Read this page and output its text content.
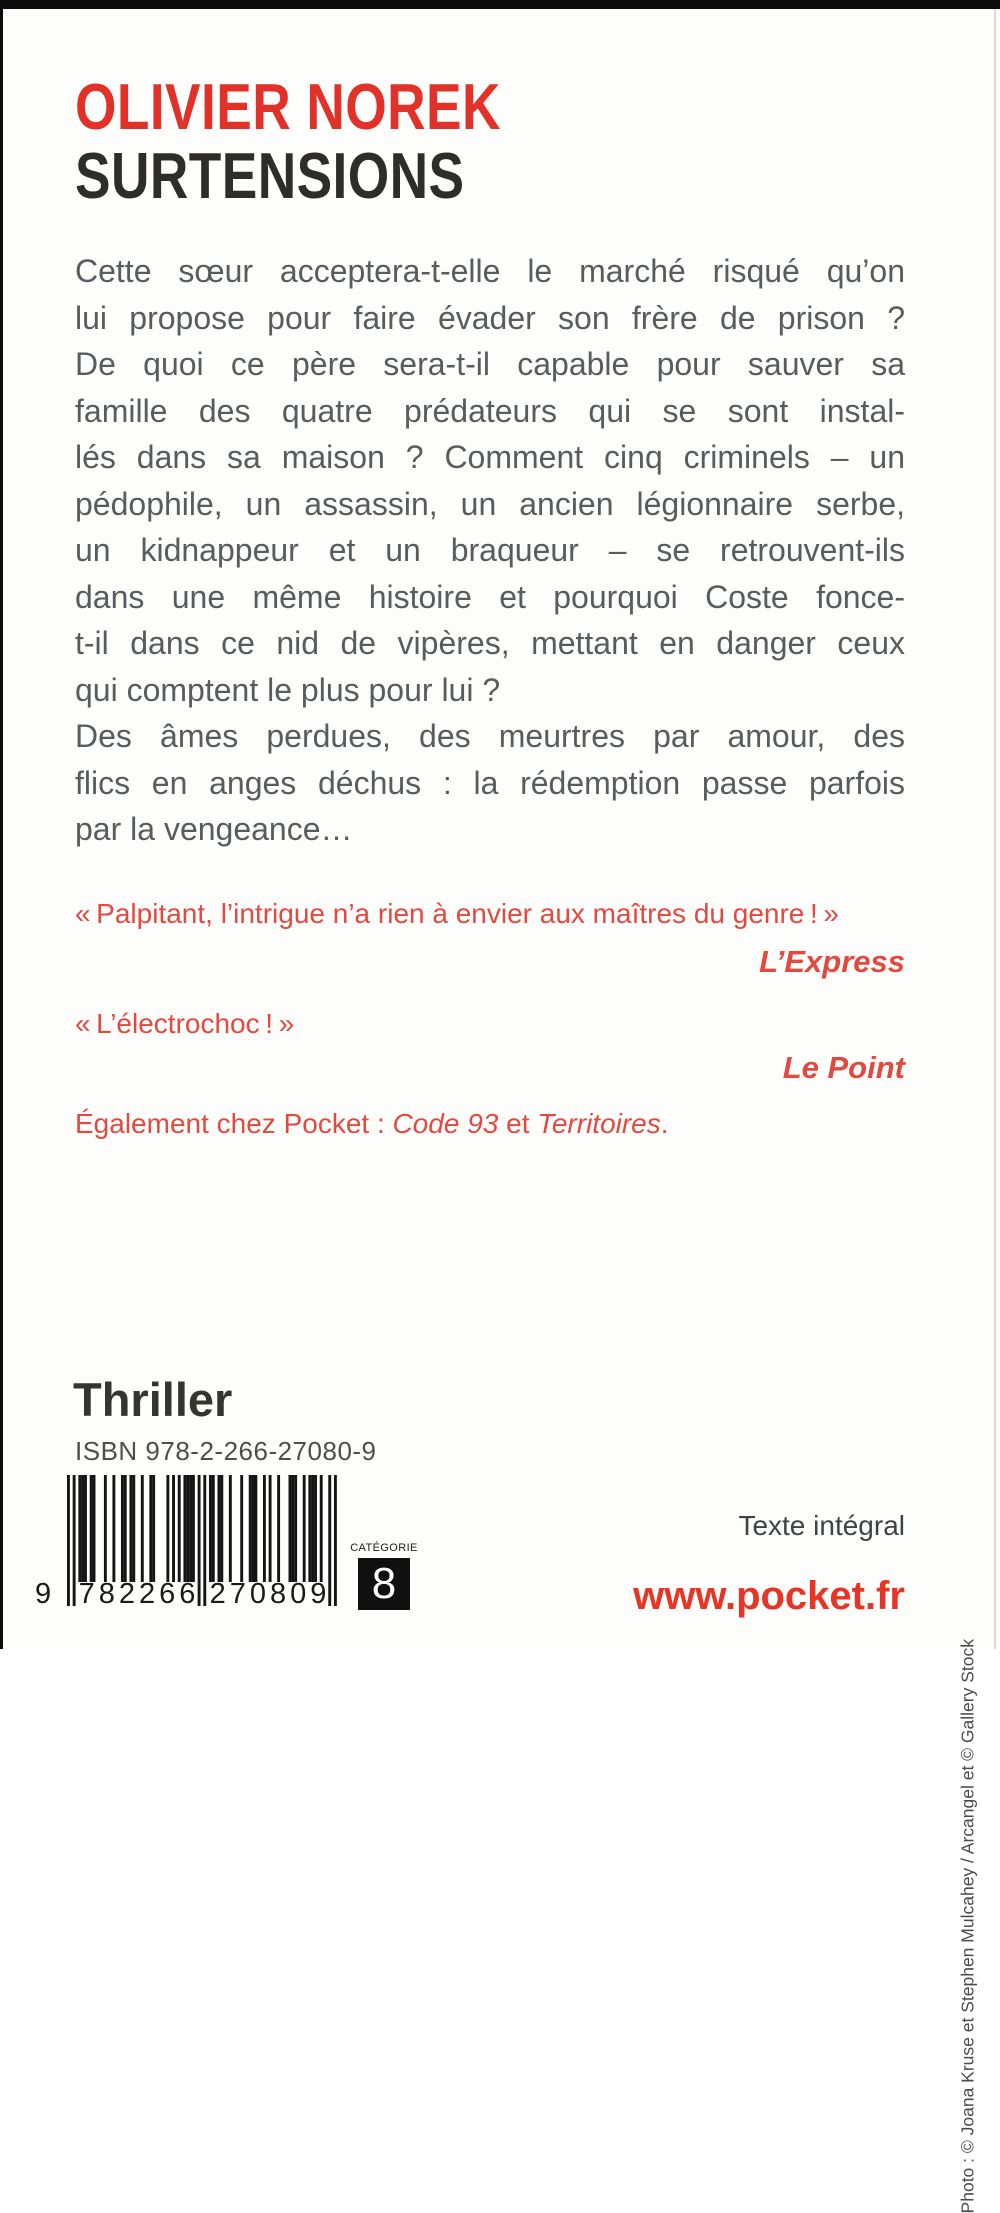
OLIVIER NOREK
SURTENSIONS
Cette sœur acceptera-t-elle le marché risqué qu’on
lui propose pour faire évader son frère de prison ?
De quoi ce père sera-t-il capable pour sauver sa
famille des quatre prédateurs qui se sont instal-
lés dans sa maison ? Comment cinq criminels – un
pédophile, un assassin, un ancien légionnaire serbe,
un kidnappeur et un braqueur – se retrouvent-ils
dans une même histoire et pourquoi Coste fonce-
t-il dans ce nid de vipères, mettant en danger ceux
qui comptent le plus pour lui ?
Des âmes perdues, des meurtres par amour, des
flics en anges déchus : la rédemption passe parfois
par la vengeance…
« Palpitant, l’intrigue n’a rien à envier aux maîtres du genre ! »
L’Express
« L’électrochoc ! »
Le Point
Également chez Pocket : Code 93 et Territoires.
Thriller
ISBN 978-2-266-27080-9
9 782266 270809
CATÉGORIE
8
Texte intégral
www.pocket.fr
Photo : © Joana Kruse et Stephen Mulcahey / Arcangel et © Gallery Stock
